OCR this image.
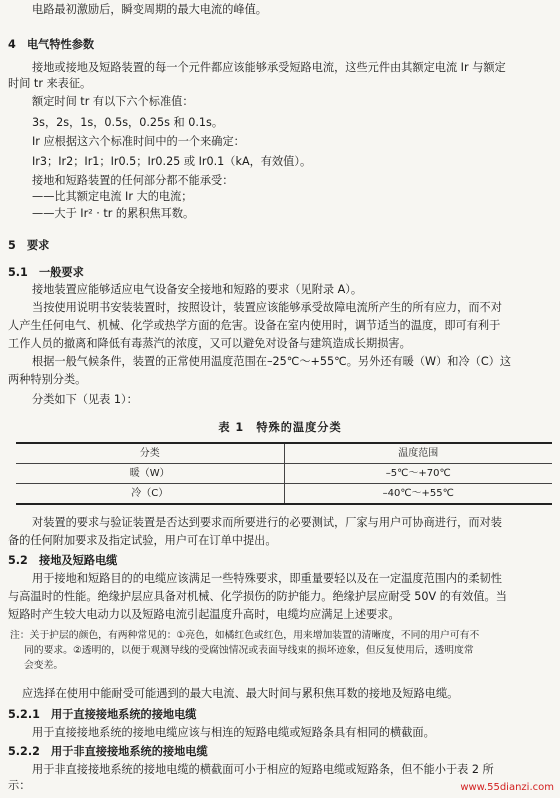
电路最初激励后，瞬变周期的最大电流的峰值。

4　电气特性参数

接地或接地及短路装置的每一个元件都应该能够承受短路电流，这些元件由其额定电流 Ir 与额定

时间 tr 来表征。

额定时间 tr 有以下六个标准值：

3s，2s，1s，0.5s，0.25s 和 0.1s。

Ir 应根据这六个标准时间中的一个来确定：

Ir3；Ir2；Ir1；Ir0.5；Ir0.25 或 Ir0.1（kA，有效值）。

接地和短路装置的任何部分都不能承受：

——比其额定电流 Ir 大的电流；

——大于 Ir² · tr 的累积焦耳数。

5　要求

5.1　一般要求

接地装置应能够适应电气设备安全接地和短路的要求（见附录 A）。

当按使用说明书安装装置时，按照设计，装置应该能够承受故障电流所产生的所有应力，而不对

人产生任何电气、机械、化学或热学方面的危害。设备在室内使用时，调节适当的温度，即可有利于

工作人员的撤离和降低有毒蒸汽的浓度，又可以避免对设备与建筑造成长期损害。

根据一般气候条件，装置的正常使用温度范围在–25℃～+55℃。另外还有暖（W）和冷（C）这

两种特别分类。

分类如下（见表 1）：

表 1　特殊的温度分类
分类	温度范围
暖（W）	–5℃～+70℃
冷（C）	–40℃～+55℃

对装置的要求与验证装置是否达到要求而所要进行的必要测试，厂家与用户可协商进行，而对装

备的任何附加要求及指定试验，用户可在订单中提出。

5.2　接地及短路电缆

用于接地和短路目的的电缆应该满足一些特殊要求，即重量要轻以及在一定温度范围内的柔韧性

与高温时的性能。绝缘护层应具备对机械、化学损伤的防护能力。绝缘护层应耐受 50V 的有效值。当

短路时产生较大电动力以及短路电流引起温度升高时，电缆均应满足上述要求。

注：关于护层的颜色，有两种常见的：①亮色，如橘红色或红色，用来增加装置的清晰度，不同的用户可有不

同的要求。②透明的，以便于观测导线的受腐蚀情况或表面导线束的损坏迹象，但反复使用后，透明度常

会变差。

应选择在使用中能耐受可能遇到的最大电流、最大时间与累积焦耳数的接地及短路电缆。

5.2.1　用于直接接地系统的接地电缆

用于直接接地系统的接地电缆应该与相连的短路电缆或短路条具有相同的横截面。

5.2.2　用于非直接接地系统的接地电缆

用于非直接接地系统的接地电缆的横截面可小于相应的短路电缆或短路条，但不能小于表 2 所

示：	www.55dianzi.com
